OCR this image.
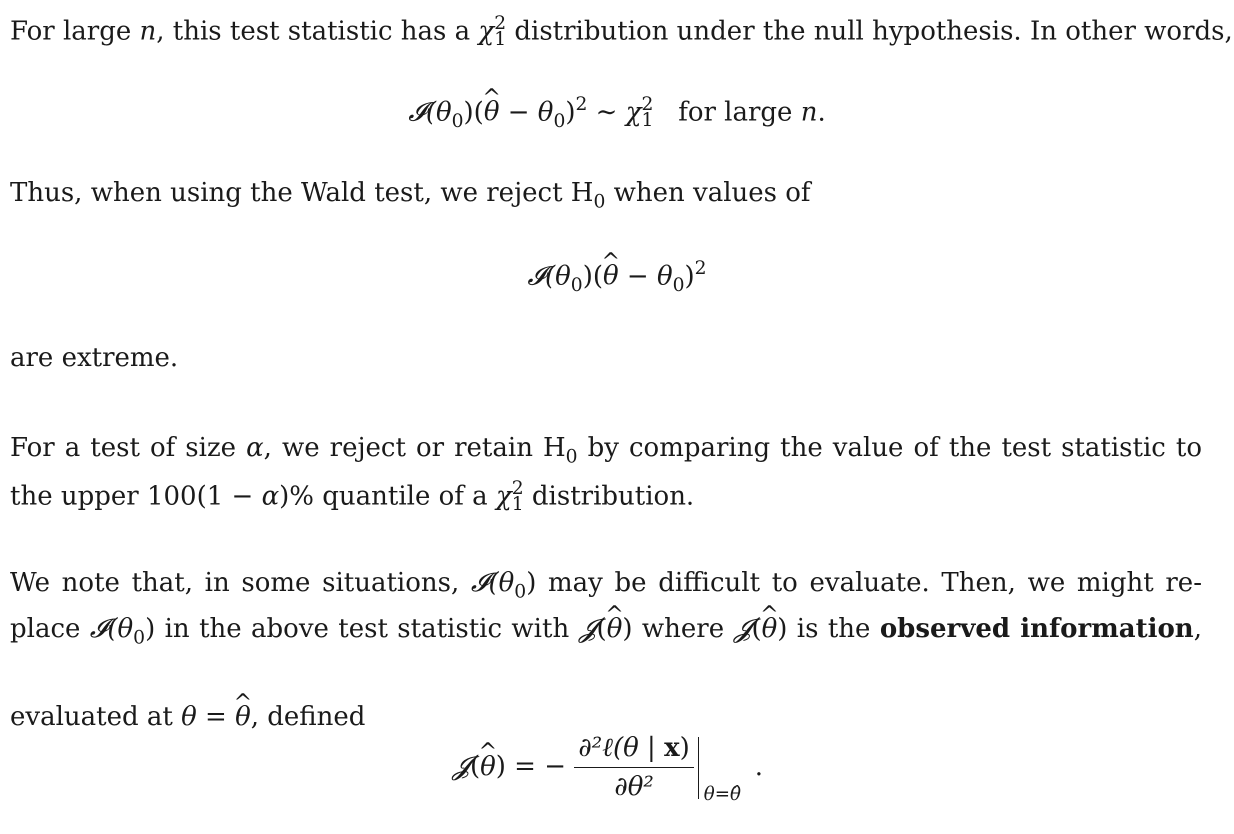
For large n, this test statistic has a χ 2
1 distribution under the null hypothesis. In other words,
$𝓘(\theta_0)(\^{}$ $\theta - \theta_0)^2$ ∼ χ 2
1 for large n.
Thus, when using the Wald test, we reject $H_0$ when values of
$𝓘(\theta_0)(\^{}$ $\theta - \theta_0)^2$
are extreme.
For a test of size α, we reject or retain $H_0$ by comparing the value of the test statistic to
the upper 100(1 − α)% quantile of a χ 2
1 distribution.
We note that, in some situations, $𝓘(\theta_0)$ may be difficult to evaluate. Then, we might re-
place $𝓘(\theta_0)$ in the above test statistic with 𝓙(^ θ) where 𝓙(^ θ) is the observed information,
evaluated at θ = ^ θ, defined
𝓙(^ θ) = − $\frac{\text{∂²ℓ(θ | x)}}{\text{∂θ²}}$ θ=θ̂
.
